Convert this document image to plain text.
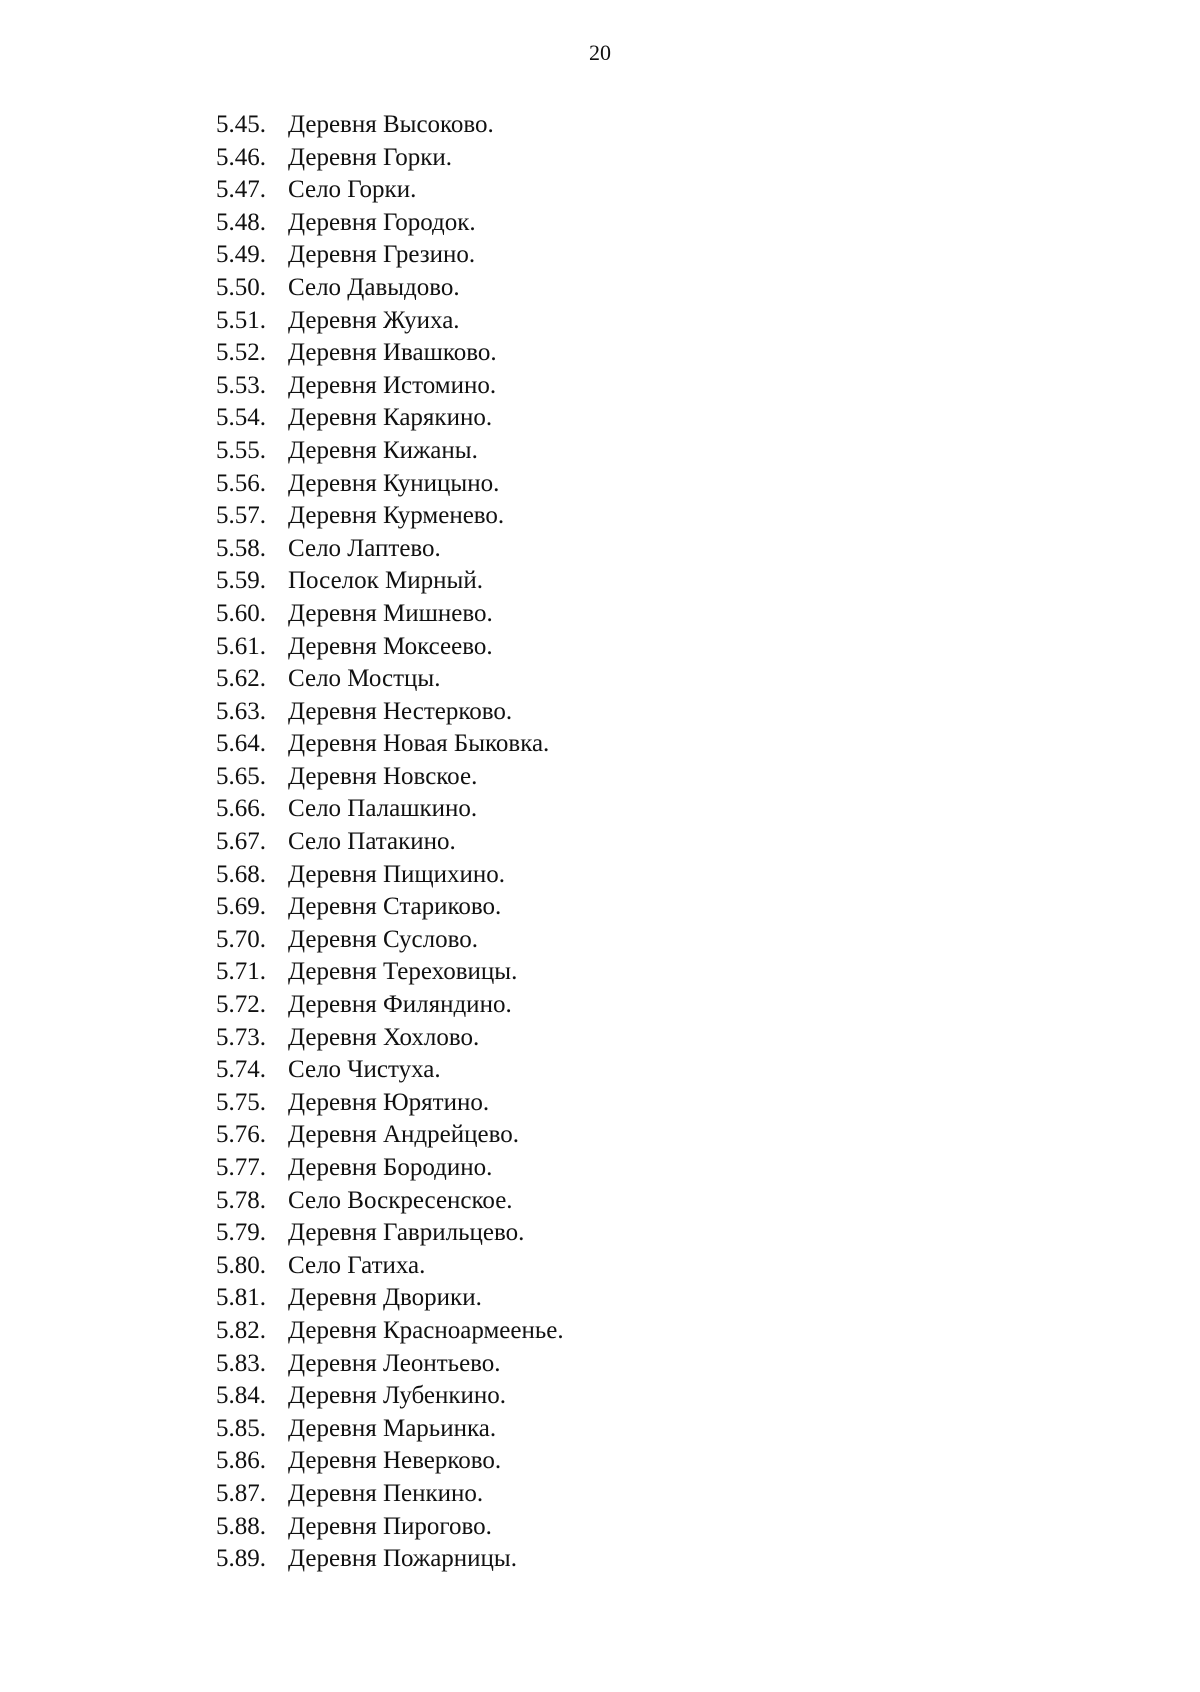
20
5.45. Деревня Высоково.
5.46. Деревня Горки.
5.47. Село Горки.
5.48. Деревня Городок.
5.49. Деревня Грезино.
5.50. Село Давыдово.
5.51. Деревня Жуиха.
5.52. Деревня Ивашково.
5.53. Деревня Истомино.
5.54. Деревня Карякино.
5.55. Деревня Кижаны.
5.56. Деревня Куницыно.
5.57. Деревня Курменево.
5.58. Село Лаптево.
5.59. Поселок Мирный.
5.60. Деревня Мишнево.
5.61. Деревня Моксеево.
5.62. Село Мостцы.
5.63. Деревня Нестерково.
5.64. Деревня Новая Быковка.
5.65. Деревня Новское.
5.66. Село Палашкино.
5.67. Село Патакино.
5.68. Деревня Пищихино.
5.69. Деревня Стариково.
5.70. Деревня Суслово.
5.71. Деревня Тереховицы.
5.72. Деревня Филяндино.
5.73. Деревня Хохлово.
5.74. Село Чистуха.
5.75. Деревня Юрятино.
5.76. Деревня Андрейцево.
5.77. Деревня Бородино.
5.78. Село Воскресенское.
5.79. Деревня Гаврильцево.
5.80. Село Гатиха.
5.81. Деревня Дворики.
5.82. Деревня Красноармеенье.
5.83. Деревня Леонтьево.
5.84. Деревня Лубенкино.
5.85. Деревня Марьинка.
5.86. Деревня Неверково.
5.87. Деревня Пенкино.
5.88. Деревня Пирогово.
5.89. Деревня Пожарницы.
